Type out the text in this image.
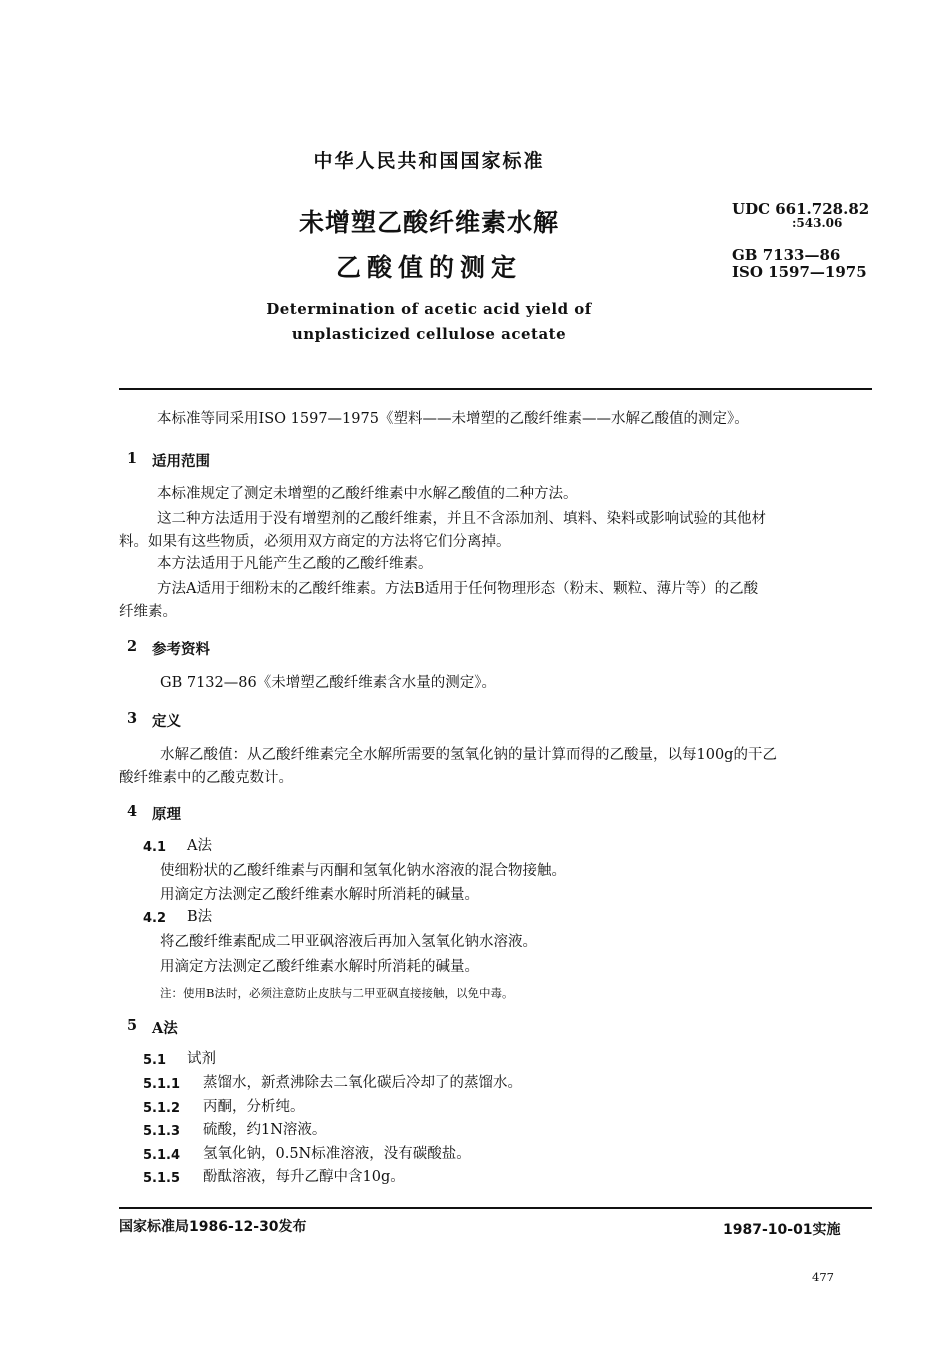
中华人民共和国国家标准
未增塑乙酸纤维素水解
乙酸值的测定
Determination of acetic acid yield of
unplasticized cellulose acetate
UDC 661.728.82
:543.06
GB 7133—86
ISO 1597—1975
本标准等同采用ISO 1597—1975《塑料——未增塑的乙酸纤维素——水解乙酸值的测定》。
1 适用范围
本标准规定了测定未增塑的乙酸纤维素中水解乙酸值的二种方法。
这二种方法适用于没有增塑剂的乙酸纤维素，并且不含添加剂、填料、染料或影响试验的其他材
料。如果有这些物质，必须用双方商定的方法将它们分离掉。
本方法适用于凡能产生乙酸的乙酸纤维素。
方法A适用于细粉末的乙酸纤维素。方法B适用于任何物理形态（粉末、颗粒、薄片等）的乙酸
纤维素。
2 参考资料
GB 7132—86《未增塑乙酸纤维素含水量的测定》。
3 定义
水解乙酸值：从乙酸纤维素完全水解所需要的氢氧化钠的量计算而得的乙酸量，以每100g的干乙
酸纤维素中的乙酸克数计。
4 原理
4.1 A法
使细粉状的乙酸纤维素与丙酮和氢氧化钠水溶液的混合物接触。
用滴定方法测定乙酸纤维素水解时所消耗的碱量。
4.2 B法
将乙酸纤维素配成二甲亚砜溶液后再加入氢氧化钠水溶液。
用滴定方法测定乙酸纤维素水解时所消耗的碱量。
注：使用B法时，必须注意防止皮肤与二甲亚砜直接接触，以免中毒。
5 A法
5.1 试剂
5.1.1 蒸馏水，新煮沸除去二氧化碳后冷却了的蒸馏水。
5.1.2 丙酮，分析纯。
5.1.3 硫酸，约1N溶液。
5.1.4 氢氧化钠，0.5N标准溶液，没有碳酸盐。
5.1.5 酚酞溶液，每升乙醇中含10g。
国家标准局1986-12-30发布	1987-10-01实施
477
